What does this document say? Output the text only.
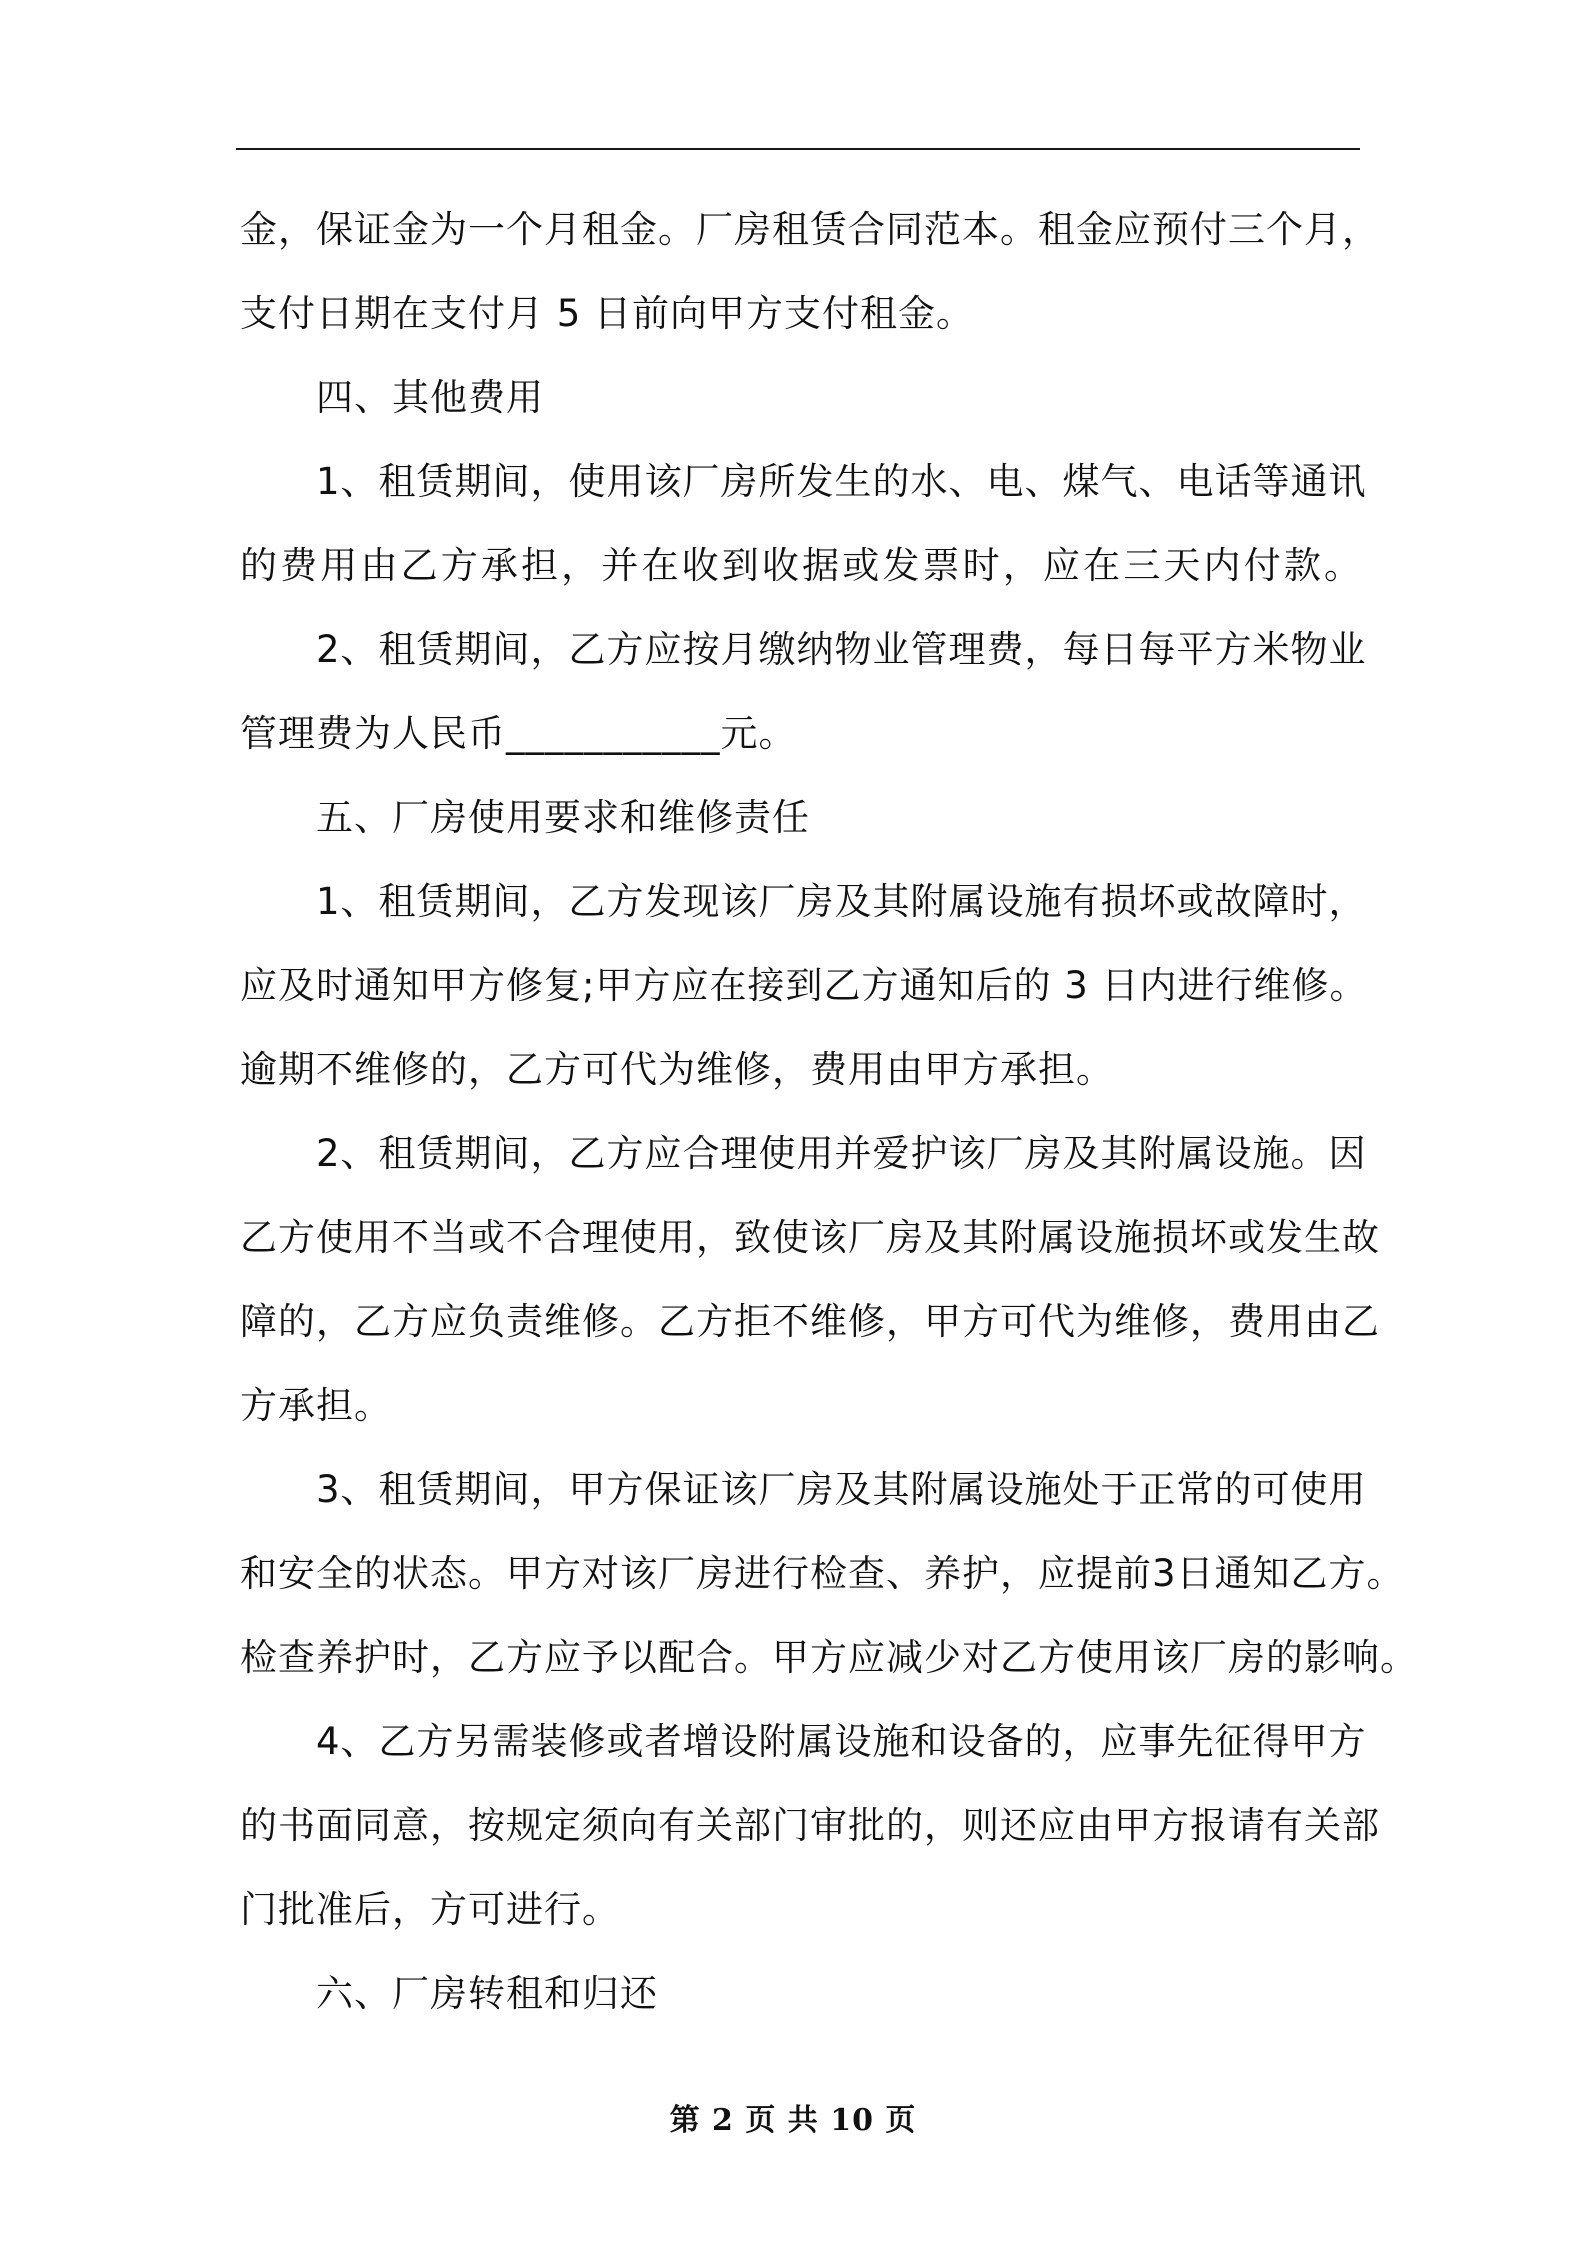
金，保证金为一个月租金。厂房租赁合同范本。租金应预付三个月，
支付日期在支付月 5 日前向甲方支付租金。
四、其他费用
1、租赁期间，使用该厂房所发生的水、电、煤气、电话等通讯
的费用由乙方承担，并在收到收据或发票时，应在三天内付款。
2、租赁期间，乙方应按月缴纳物业管理费，每日每平方米物业
管理费为人民币___________元。
五、厂房使用要求和维修责任
1、租赁期间，乙方发现该厂房及其附属设施有损坏或故障时，
应及时通知甲方修复;甲方应在接到乙方通知后的 3 日内进行维修。
逾期不维修的，乙方可代为维修，费用由甲方承担。
2、租赁期间，乙方应合理使用并爱护该厂房及其附属设施。因
乙方使用不当或不合理使用，致使该厂房及其附属设施损坏或发生故
障的，乙方应负责维修。乙方拒不维修，甲方可代为维修，费用由乙
方承担。
3、租赁期间，甲方保证该厂房及其附属设施处于正常的可使用
和安全的状态。甲方对该厂房进行检查、养护，应提前3日通知乙方。
检查养护时，乙方应予以配合。甲方应减少对乙方使用该厂房的影响。
4、乙方另需装修或者增设附属设施和设备的，应事先征得甲方
的书面同意，按规定须向有关部门审批的，则还应由甲方报请有关部
门批准后，方可进行。
六、厂房转租和归还
第 2 页 共 10 页
